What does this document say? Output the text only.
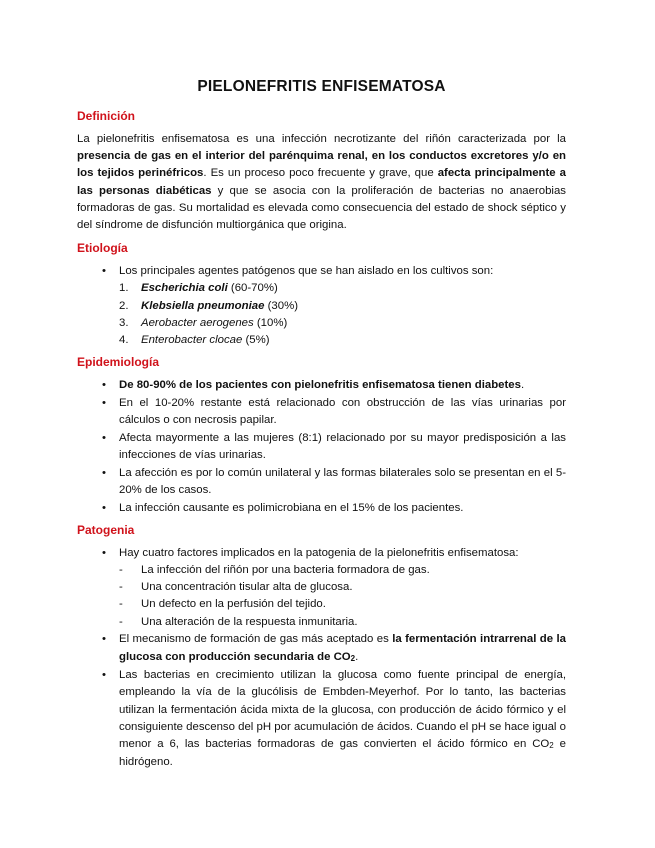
PIELONEFRITIS ENFISEMATOSA
Definición

La pielonefritis enfisematosa es una infección necrotizante del riñón caracterizada por la presencia de gas en el interior del parénquima renal, en los conductos excretores y/o en los tejidos perinéfricos. Es un proceso poco frecuente y grave, que afecta principalmente a las personas diabéticas y que se asocia con la proliferación de bacterias no anaerobias formadoras de gas. Su mortalidad es elevada como consecuencia del estado de shock séptico y del síndrome de disfunción multiorgánica que origina.

Etiología
• Los principales agentes patógenos que se han aislado en los cultivos son:
1. Escherichia coli (60-70%)
2. Klebsiella pneumoniae (30%)
3. Aerobacter aerogenes (10%)
4. Enterobacter clocae (5%)
Epidemiología
• De 80-90% de los pacientes con pielonefritis enfisematosa tienen diabetes.
• En el 10-20% restante está relacionado con obstrucción de las vías urinarias por cálculos o con necrosis papilar.
• Afecta mayormente a las mujeres (8:1) relacionado por su mayor predisposición a las infecciones de vías urinarias.
• La afección es por lo común unilateral y las formas bilaterales solo se presentan en el 5-20% de los casos.
• La infección causante es polimicrobiana en el 15% de los pacientes.
Patogenia
• Hay cuatro factores implicados en la patogenia de la pielonefritis enfisematosa:
- La infección del riñón por una bacteria formadora de gas.
- Una concentración tisular alta de glucosa.
- Un defecto en la perfusión del tejido.
- Una alteración de la respuesta inmunitaria.
• El mecanismo de formación de gas más aceptado es la fermentación intrarrenal de la glucosa con producción secundaria de $CO_2$.
• Las bacterias en crecimiento utilizan la glucosa como fuente principal de energía, empleando la vía de la glucólisis de Embden-Meyerhof. Por lo tanto, las bacterias utilizan la fermentación ácida mixta de la glucosa, con producción de ácido fórmico y el consiguiente descenso del pH por acumulación de ácidos. Cuando el pH se hace igual o menor a 6, las bacterias formadoras de gas convierten el ácido fórmico en $CO_2$ e hidrógeno.
